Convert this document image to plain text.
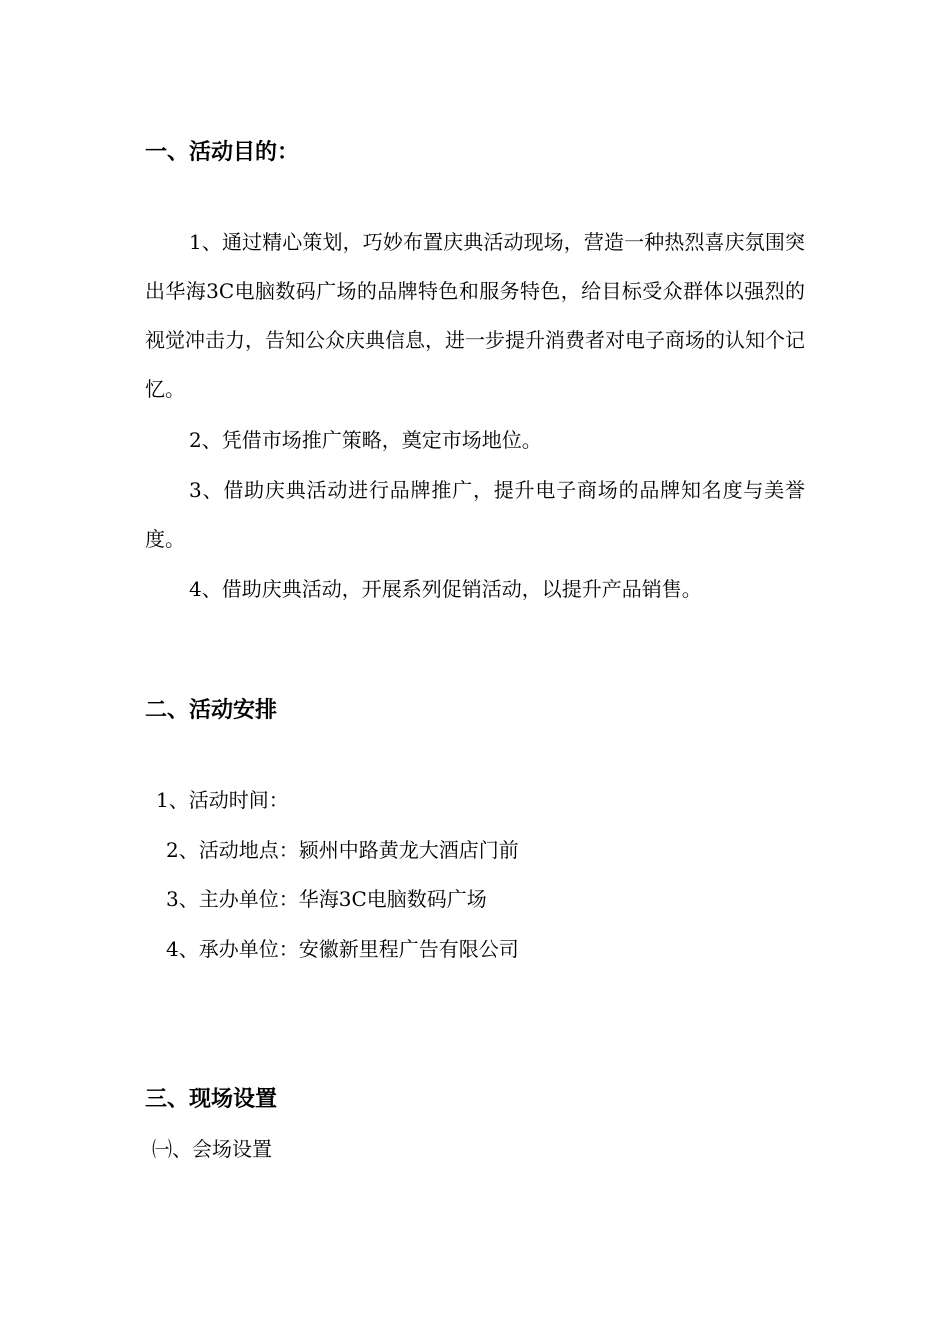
一、活动目的：

1、通过精心策划，巧妙布置庆典活动现场，营造一种热烈喜庆氛围突出华海3C电脑数码广场的品牌特色和服务特色，给目标受众群体以强烈的视觉冲击力，告知公众庆典信息，进一步提升消费者对电子商场的认知个记忆。

2、凭借市场推广策略，奠定市场地位。

3、借助庆典活动进行品牌推广，提升电子商场的品牌知名度与美誉度。

4、借助庆典活动，开展系列促销活动，以提升产品销售。

二、活动安排
1、活动时间：
2、活动地点：颍州中路黄龙大酒店门前
3、主办单位：华海3C电脑数码广场
4、承办单位：安徽新里程广告有限公司
三、现场设置
㈠、会场设置
